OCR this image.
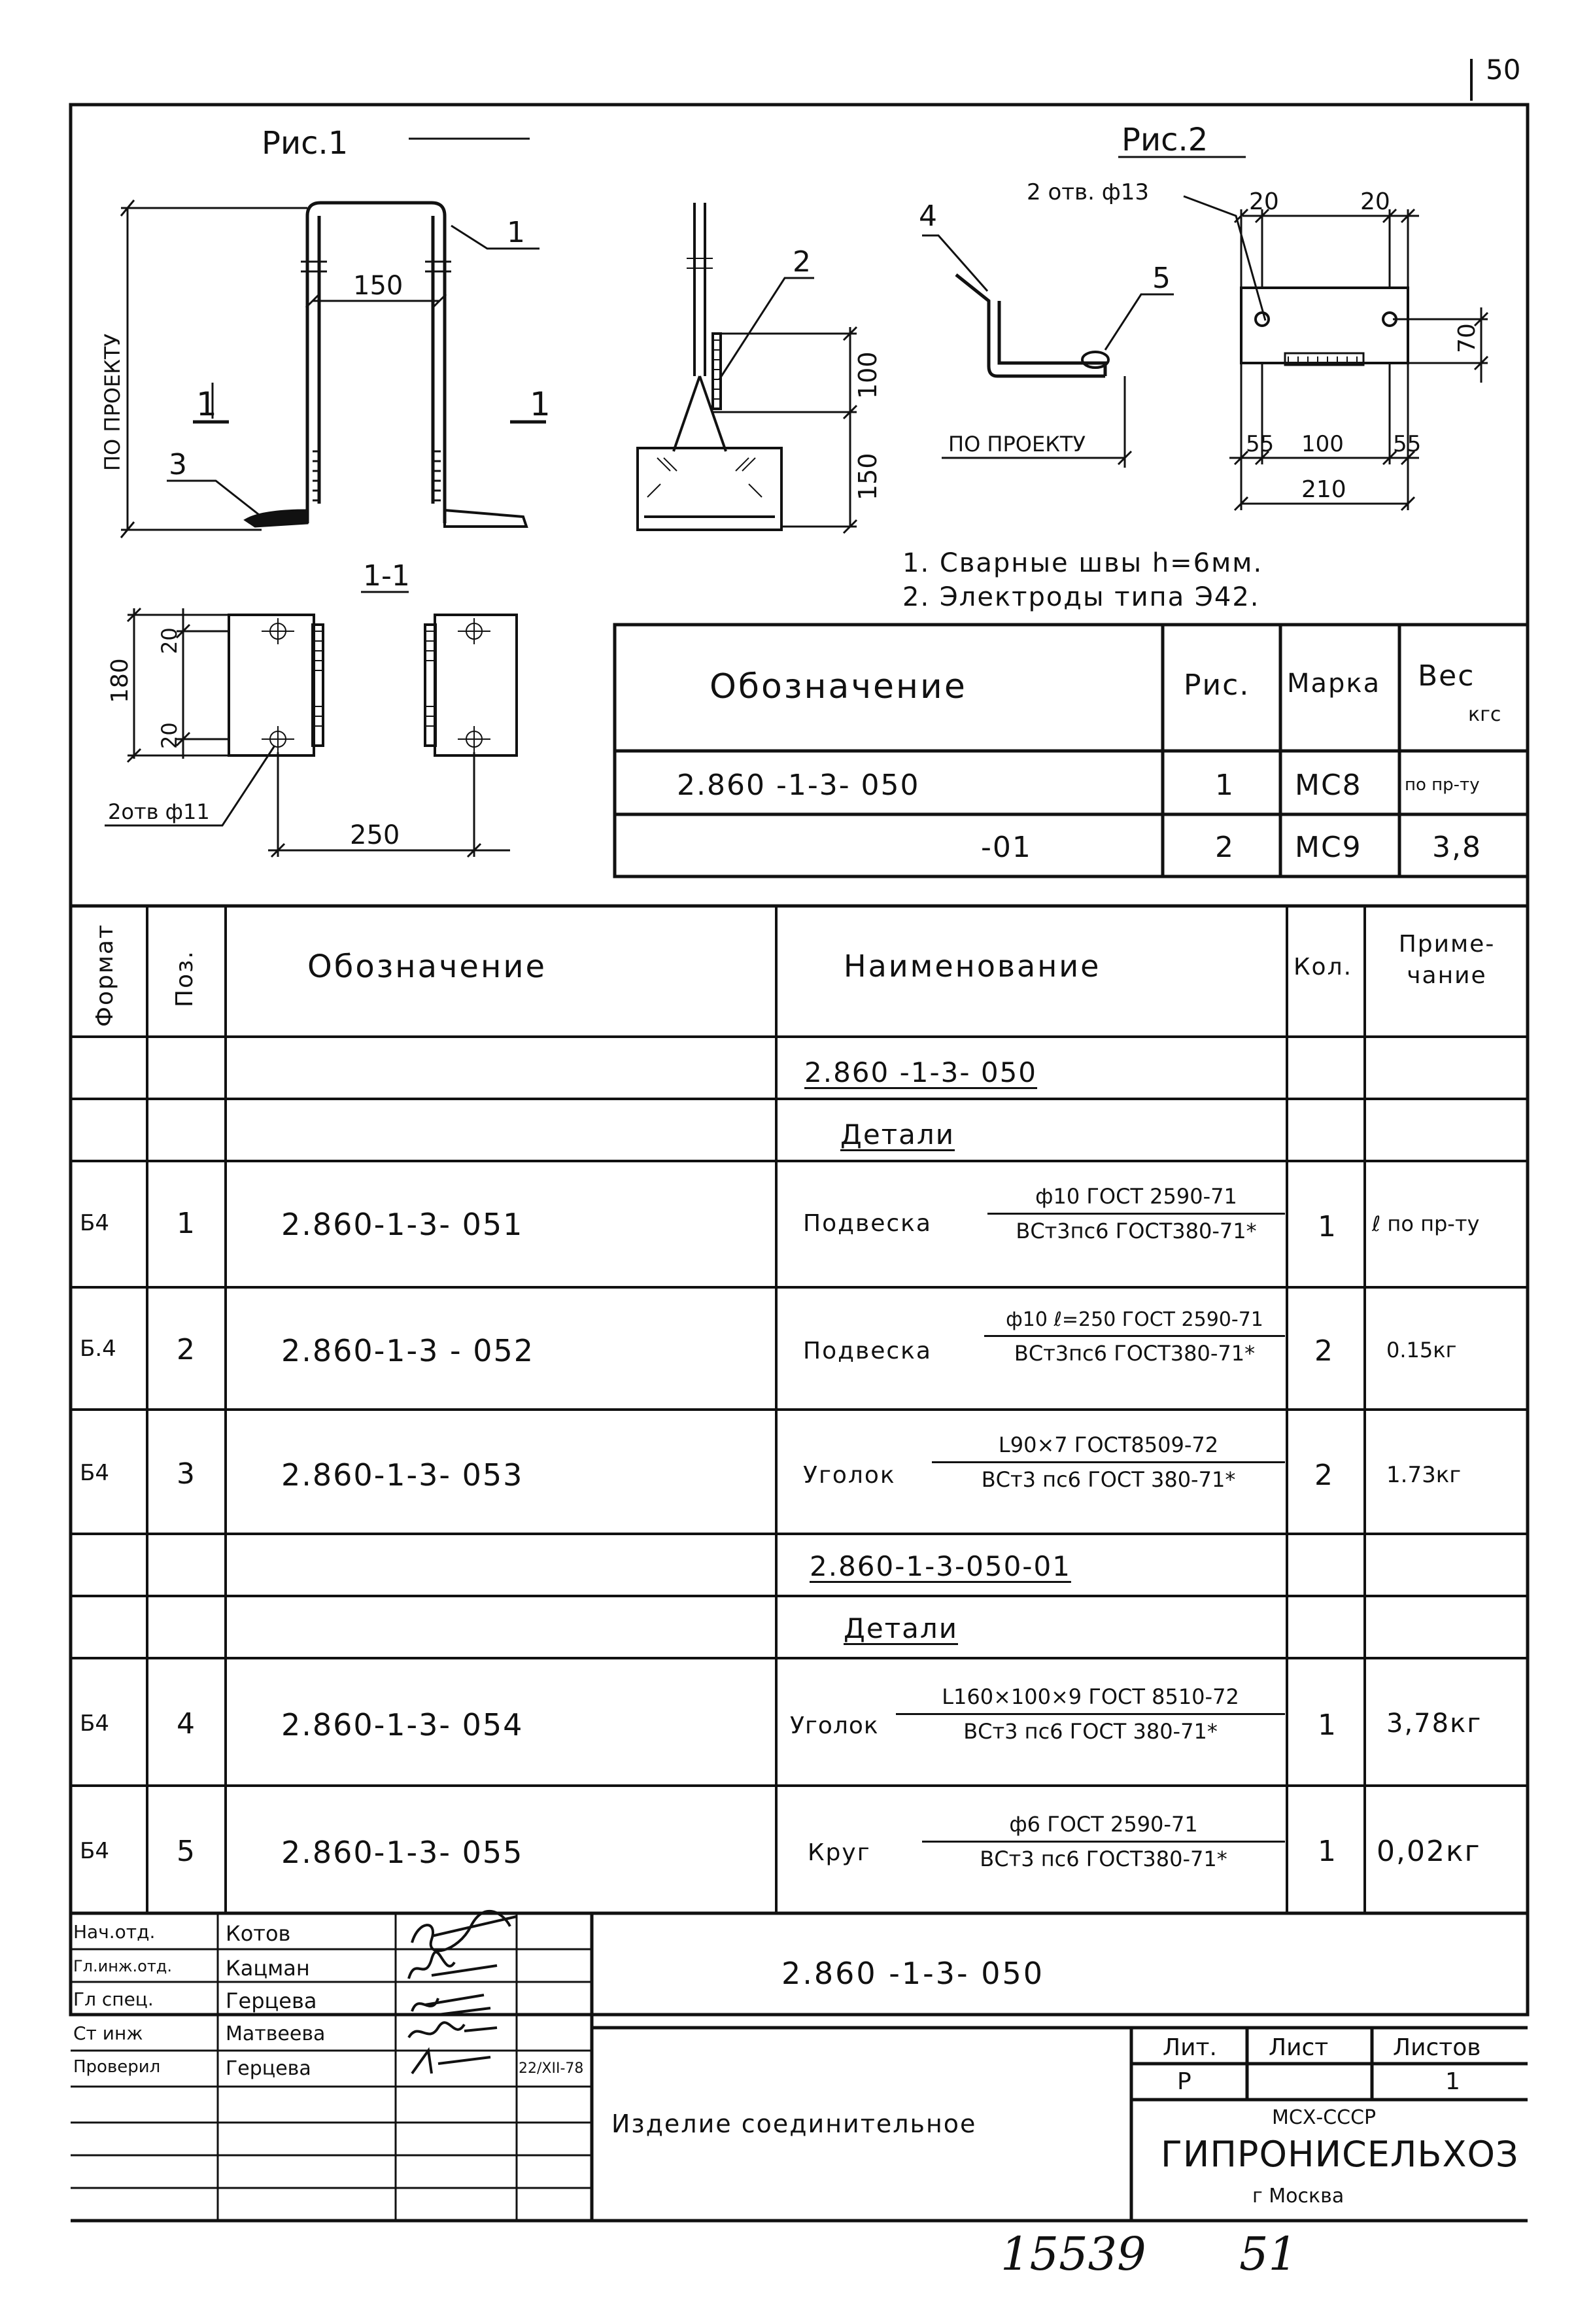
50
Рис.1
1
3
150
1	1
ПО ПРОЕКТУ
2
100
150
1-1
180
20
20
2отв ф11
250
4
5
ПО ПРОЕКТУ
Рис.2
2 отв. ф13	20	20
70
55 100 55
210
1. Сварные швы h=6мм.
2. Электроды типа Э42.
Обозначение	Рис. Марка Вес
кгс
2.860 -1-3- 050	1 МС8	по пр-ту
-01	2 МС9 3,8
Формат Поз.	Обозначение	Наименование	Кол.
Приме-чание
2.860 -1-3- 050
Детали
Б4 1	2.860-1-3- 051	Подвеска
ф10 ГОСТ 2590-71
ВСт3пс6 ГОСТ380-71*	1 ℓ по пр-ту
Б.4 2	2.860-1-3 - 052	Подвеска
ф10 ℓ=250 ГОСТ 2590-71
ВСт3пс6 ГОСТ380-71*	2	0.15кг
Б4 3	2.860-1-3- 053	Уголок
L90×7 ГОСТ8509-72
ВСт3 пс6 ГОСТ 380-71*	2 1.73кг
2.860-1-3-050-01
Детали
Б4 4	2.860-1-3- 054	Уголок
L160×100×9 ГОСТ 8510-72
ВСт3 пс6 ГОСТ 380-71*	1 3,78кг
Б4 5	2.860-1-3- 055	Круг
ф6 ГОСТ 2590-71
ВСт3 пс6 ГОСТ380-71*	1 0,02кг
Нач.отд.	Котов
Гл.инж.отд.	Кацман
Гл спец.	Герцева
Ст инж	Матвеева
Проверил	Герцева	22/XII-78
2.860 -1-3- 050
Изделие соединительное
Лит. Лист	Листов
Р	1
МСХ-СССР
ГИПРОНИСЕЛЬХОЗ
г Москва
15539 51
